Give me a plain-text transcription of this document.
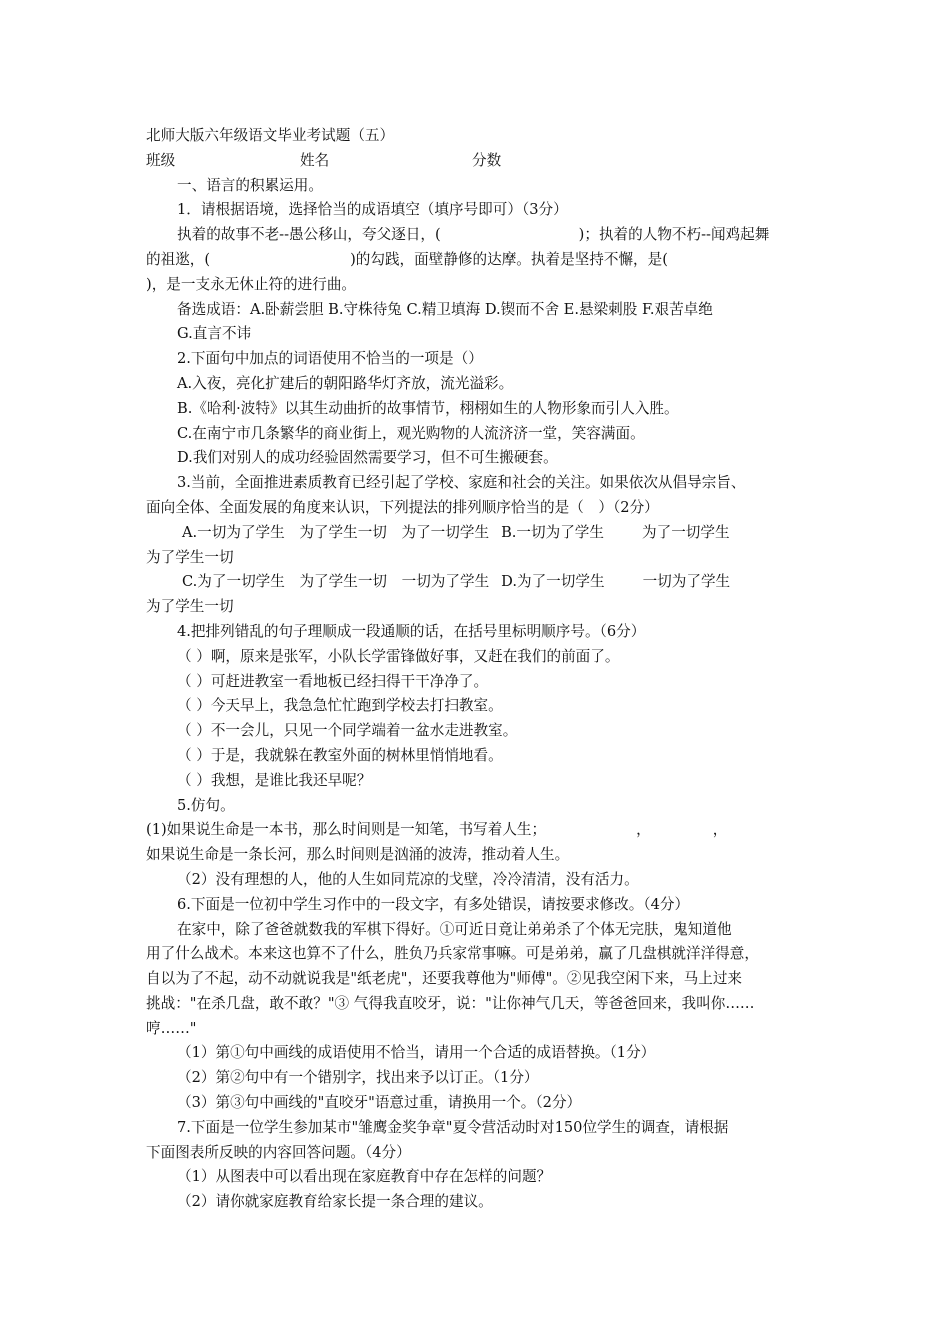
北师大版六年级语文毕业考试题（五）
班级	姓名	分数
一、语言的积累运用。
1．请根据语境，选择恰当的成语填空（填序号即可）（3分）
执着的故事不老--愚公移山，夸父逐日，(	)；执着的人物不朽--闻鸡起舞
的祖逖，(	)的勾践，面壁静修的达摩。执着是坚持不懈，是(
)，是一支永无休止符的进行曲。
备选成语：A.卧薪尝胆 B.守株待兔 C.精卫填海 D.锲而不舍 E.悬梁刺股 F.艰苦卓绝
G.直言不讳
2.下面句中加点的词语使用不恰当的一项是（）
A.入夜，亮化扩建后的朝阳路华灯齐放，流光溢彩。
B.《哈利·波特》以其生动曲折的故事情节，栩栩如生的人物形象而引人入胜。
C.在南宁市几条繁华的商业街上，观光购物的人流济济一堂，笑容满面。
D.我们对别人的成功经验固然需要学习，但不可生搬硬套。
3.当前，全面推进素质教育已经引起了学校、家庭和社会的关注。如果依次从倡导宗旨、
面向全体、全面发展的角度来认识，下列提法的排列顺序恰当的是（　）（2分）
A.一切为了学生　为了学生一切　为了一切学生 B.一切为了学生	为了一切学生
为了学生一切
C.为了一切学生　为了学生一切　一切为了学生 D.为了一切学生	一切为了学生
为了学生一切
4.把排列错乱的句子理顺成一段通顺的话，在括号里标明顺序号。（6分）
（ ）啊，原来是张军，小队长学雷锋做好事，又赶在我们的前面了。
（ ）可赶进教室一看地板已经扫得干干净净了。
（ ）今天早上，我急急忙忙跑到学校去打扫教室。
（ ）不一会儿，只见一个同学端着一盆水走进教室。
（ ）于是，我就躲在教室外面的树林里悄悄地看。
（ ）我想，是谁比我还早呢？
5.仿句。
(1)如果说生命是一本书，那么时间则是一知笔，书写着人生；	，	，
如果说生命是一条长河，那么时间则是汹涌的波涛，推动着人生。
（2）没有理想的人，他的人生如同荒凉的戈壁，冷冷清清，没有活力。
6.下面是一位初中学生习作中的一段文字，有多处错误，请按要求修改。（4分）
在家中，除了爸爸就数我的军棋下得好。①可近日竟让弟弟杀了个体无完肤，鬼知道他
用了什么战术。本来这也算不了什么，胜负乃兵家常事嘛。可是弟弟，赢了几盘棋就洋洋得意，
自以为了不起，动不动就说我是"纸老虎"，还要我尊他为"师傅"。②见我空闲下来，马上过来
挑战："在杀几盘，敢不敢？"③ 气得我直咬牙，说："让你神气几天，等爸爸回来，我叫你……
哼……"
（1）第①句中画线的成语使用不恰当，请用一个合适的成语替换。（1分）
（2）第②句中有一个错别字，找出来予以订正。（1分）
（3）第③句中画线的"直咬牙"语意过重，请换用一个。（2分）
7.下面是一位学生参加某市"雏鹰金奖争章"夏令营活动时对150位学生的调查，请根据
下面图表所反映的内容回答问题。（4分）
（1）从图表中可以看出现在家庭教育中存在怎样的问题？
（2）请你就家庭教育给家长提一条合理的建议。
